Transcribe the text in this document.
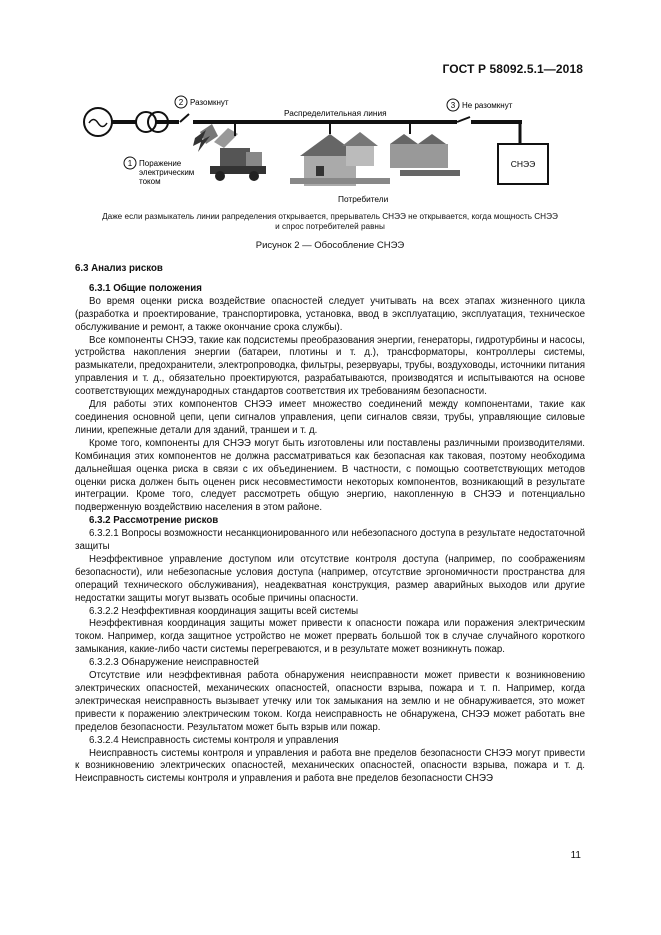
ГОСТ Р 58092.5.1—2018
СНЭЭ
2 Разомкнут	3 Не разомкнут
Распределительная линия
1 Поражение
электрическим
током
Потребители
Даже если размыкатель линии рапределения открывается, прерыватель СНЭЭ не открывается, когда мощность СНЭЭ
и спрос потребителей равны
Рисунок 2 — Обособление СНЭЭ

6.3 Анализ рисков

6.3.1 Общие положения

Во время оценки риска воздействие опасностей следует учитывать на всех этапах жизненного цикла (разработка и проектирование, транспортировка, установка, ввод в эксплуатацию, эксплуатация, техническое обслуживание и ремонт, а также окончание срока службы).

Все компоненты СНЭЭ, такие как подсистемы преобразования энергии, генераторы, гидротурбины и насосы, устройства накопления энергии (батареи, плотины и т. д.), трансформаторы, контроллеры системы, размыкатели, предохранители, электропроводка, фильтры, резервуары, трубы, воздуховоды, источники питания управления и т. д., обязательно проектируются, разрабатываются, производятся и испытываются на основе соответствующих международных стандартов соответствия их требованиям безопасности.

Для работы этих компонентов СНЭЭ имеет множество соединений между компонентами, такие как соединения основной цепи, цепи сигналов управления, цепи сигналов связи, трубы, управляющие силовые линии, крепежные детали для зданий, траншеи и т. д.

Кроме того, компоненты для СНЭЭ могут быть изготовлены или поставлены различными производителями. Комбинация этих компонентов не должна рассматриваться как безопасная как таковая, поэтому необходима дальнейшая оценка риска в связи с их объединением. В частности, с помощью соответствующих методов оценки риска должен быть оценен риск несовместимости некоторых компонентов, возникающий в результате интеграции. Кроме того, следует рассмотреть общую энергию, накопленную в СНЭЭ и потенциально подверженную воздействию населения в этом районе.

6.3.2 Рассмотрение рисков

6.3.2.1 Вопросы возможности несанкционированного или небезопасного доступа в результате недостаточной защиты

Неэффективное управление доступом или отсутствие контроля доступа (например, по соображениям безопасности), или небезопасные условия доступа (например, отсутствие эргономичности пространства для операций технического обслуживания), неадекватная конструкция, размер аварийных выходов или другие недостатки защиты могут вызвать особые причины опасности.

6.3.2.2 Неэффективная координация защиты всей системы

Неэффективная координация защиты может привести к опасности пожара или поражения электрическим током. Например, когда защитное устройство не может прервать большой ток в случае случайного короткого замыкания, какие-либо части системы перегреваются, и в результате может возникнуть пожар.

6.3.2.3 Обнаружение неисправностей

Отсутствие или неэффективная работа обнаружения неисправности может привести к возникновению электрических опасностей, механических опасностей, опасности взрыва, пожара и т. п. Например, когда электрическая неисправность вызывает утечку или ток замыкания на землю и не обнаруживается, это может привести к поражению электрическим током. Когда неисправность не обнаружена, СНЭЭ может работать вне пределов безопасности. Результатом может быть взрыв или пожар.

6.3.2.4 Неисправность системы контроля и управления

Неисправность системы контроля и управления и работа вне пределов безопасности СНЭЭ могут привести к возникновению электрических опасностей, механических опасностей, опасности взрыва, пожара и т. д. Неисправность системы контроля и управления и работа вне пределов безопасности СНЭЭ

11
